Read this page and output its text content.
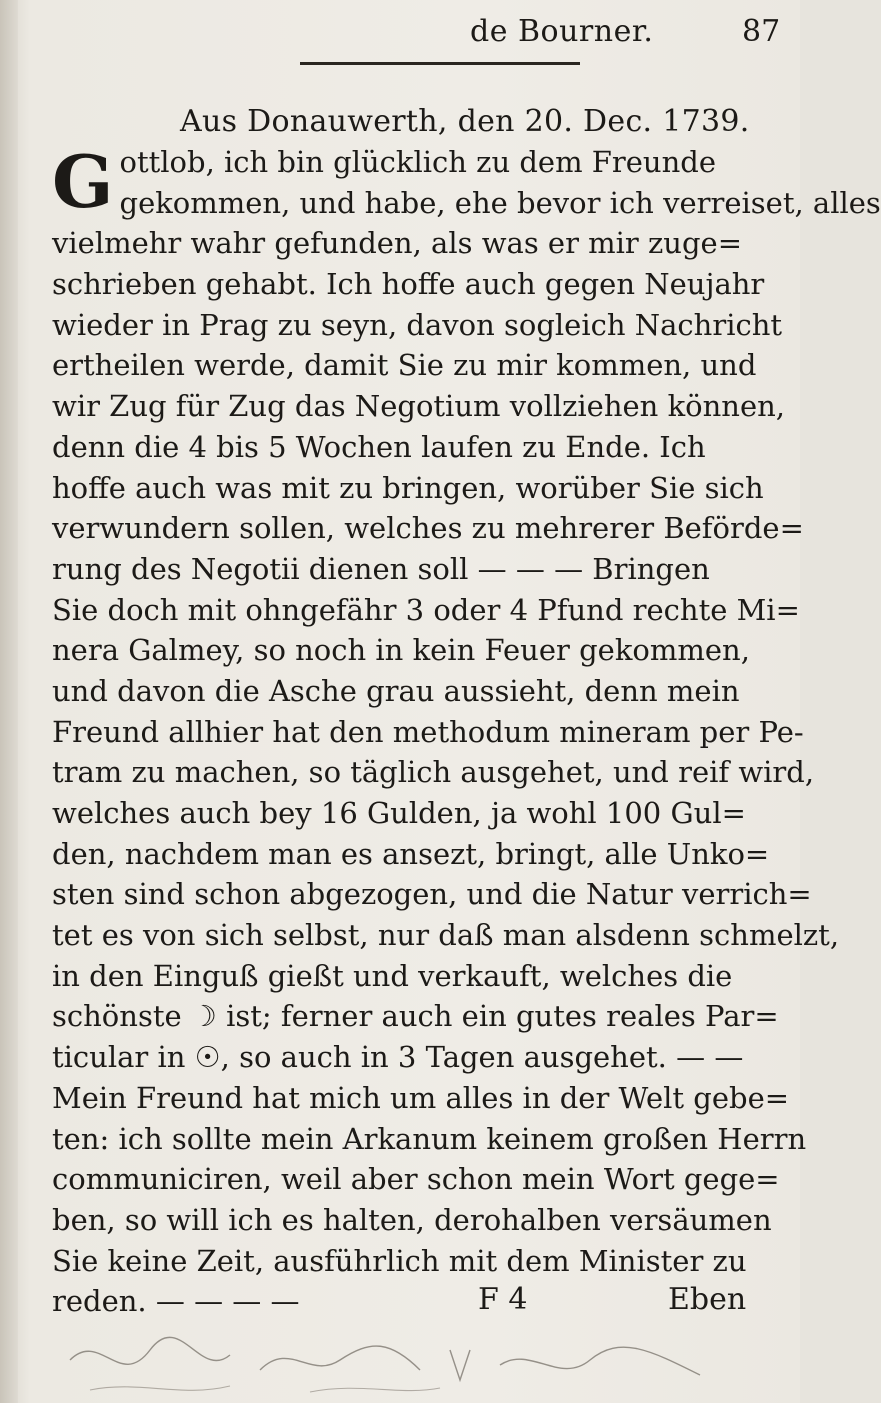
de Bourner.	87
Aus Donauwerth, den 20. Dec. 1739.
G ottlob, ich bin glücklich zu dem Freunde
gekommen, und habe, ehe bevor ich verreiset, alles
vielmehr wahr gefunden, als was er mir zuge=
schrieben gehabt. Ich hoffe auch gegen Neujahr
wieder in Prag zu seyn, davon sogleich Nachricht
ertheilen werde, damit Sie zu mir kommen, und
wir Zug für Zug das Negotium vollziehen können,
denn die 4 bis 5 Wochen laufen zu Ende. Ich
hoffe auch was mit zu bringen, worüber Sie sich
verwundern sollen, welches zu mehrerer Beförde=
rung des Negotii dienen soll — — — Bringen
Sie doch mit ohngefähr 3 oder 4 Pfund rechte Mi=
nera Galmey, so noch in kein Feuer gekommen,
und davon die Asche grau aussieht, denn mein
Freund allhier hat den methodum mineram per Pe-
tram zu machen, so täglich ausgehet, und reif wird,
welches auch bey 16 Gulden, ja wohl 100 Gul=
den, nachdem man es ansezt, bringt, alle Unko=
sten sind schon abgezogen, und die Natur verrich=
tet es von sich selbst, nur daß man alsdenn schmelzt,
in den Einguß gießt und verkauft, welches die
schönste ☽ ist; ferner auch ein gutes reales Par=
ticular in ☉, so auch in 3 Tagen ausgehet. — —
Mein Freund hat mich um alles in der Welt gebe=
ten: ich sollte mein Arkanum keinem großen Herrn
communiciren, weil aber schon mein Wort gege=
ben, so will ich es halten, derohalben versäumen
Sie keine Zeit, ausführlich mit dem Minister zu
reden. — — — —	F 4	Eben
